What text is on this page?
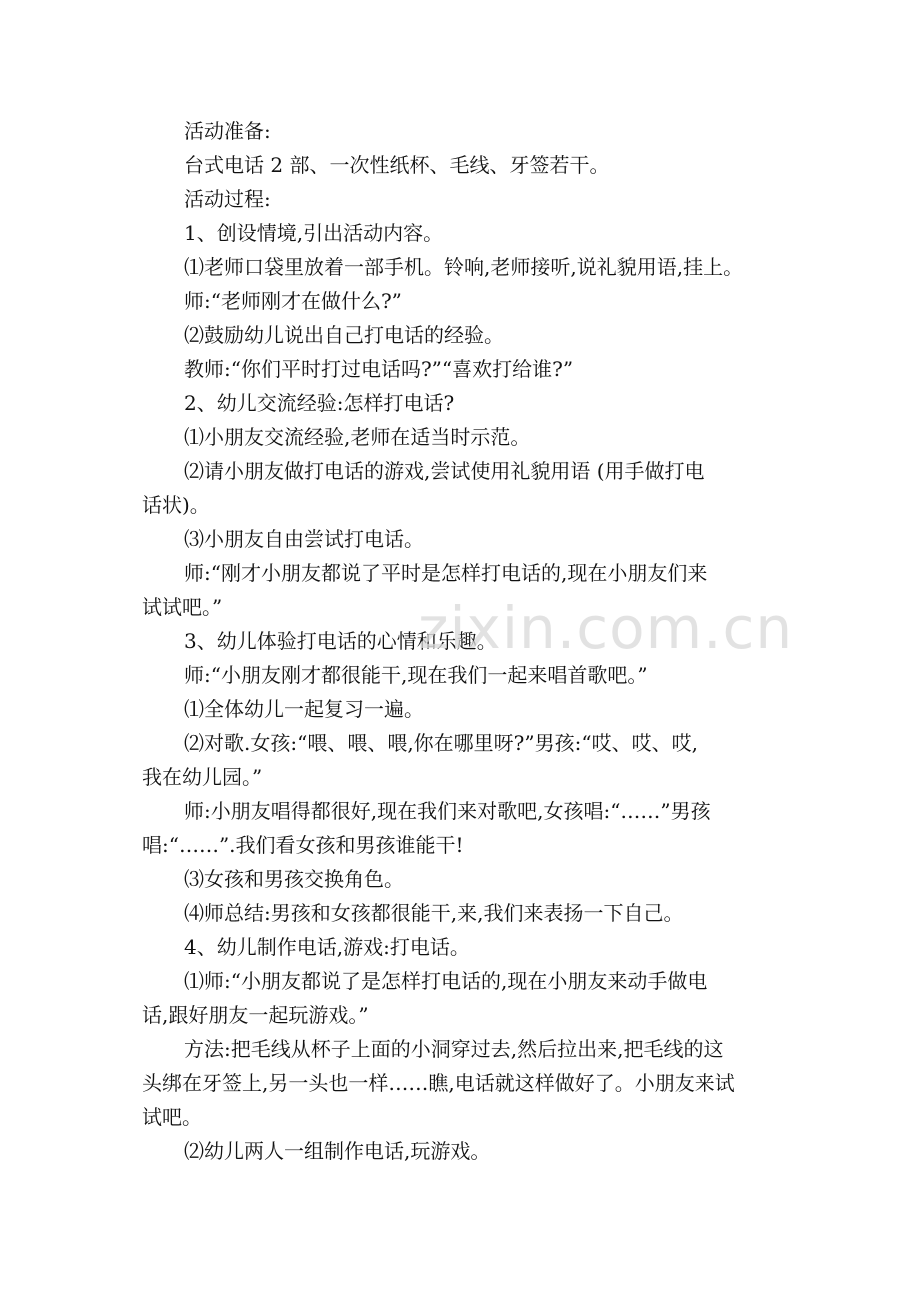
活动准备:

台式电话 2 部、一次性纸杯、毛线、牙签若干。

活动过程:

1、创设情境,引出活动内容。

⑴老师口袋里放着一部手机。铃响,老师接听,说礼貌用语,挂上。

师:“老师刚才在做什么?”

⑵鼓励幼儿说出自己打电话的经验。

教师:“你们平时打过电话吗?”“喜欢打给谁?”

2、幼儿交流经验:怎样打电话?

⑴小朋友交流经验,老师在适当时示范。

⑵请小朋友做打电话的游戏,尝试使用礼貌用语 (用手做打电

话状)。

⑶小朋友自由尝试打电话。

师:“刚才小朋友都说了平时是怎样打电话的,现在小朋友们来

试试吧。”

3、幼儿体验打电话的心情和乐趣。

师:“小朋友刚才都很能干,现在我们一起来唱首歌吧。”

⑴全体幼儿一起复习一遍。

⑵对歌.女孩:“喂、喂、喂,你在哪里呀?”男孩:“哎、哎、哎,

我在幼儿园。”

师:小朋友唱得都很好,现在我们来对歌吧,女孩唱:“……”男孩

唱:“……”.我们看女孩和男孩谁能干!

⑶女孩和男孩交换角色。

⑷师总结:男孩和女孩都很能干,来,我们来表扬一下自己。

4、幼儿制作电话,游戏:打电话。

⑴师:“小朋友都说了是怎样打电话的,现在小朋友来动手做电

话,跟好朋友一起玩游戏。”

方法:把毛线从杯子上面的小洞穿过去,然后拉出来,把毛线的这

头绑在牙签上,另一头也一样……瞧,电话就这样做好了。小朋友来试

试吧。

⑵幼儿两人一组制作电话,玩游戏。

zixin.com.cn
